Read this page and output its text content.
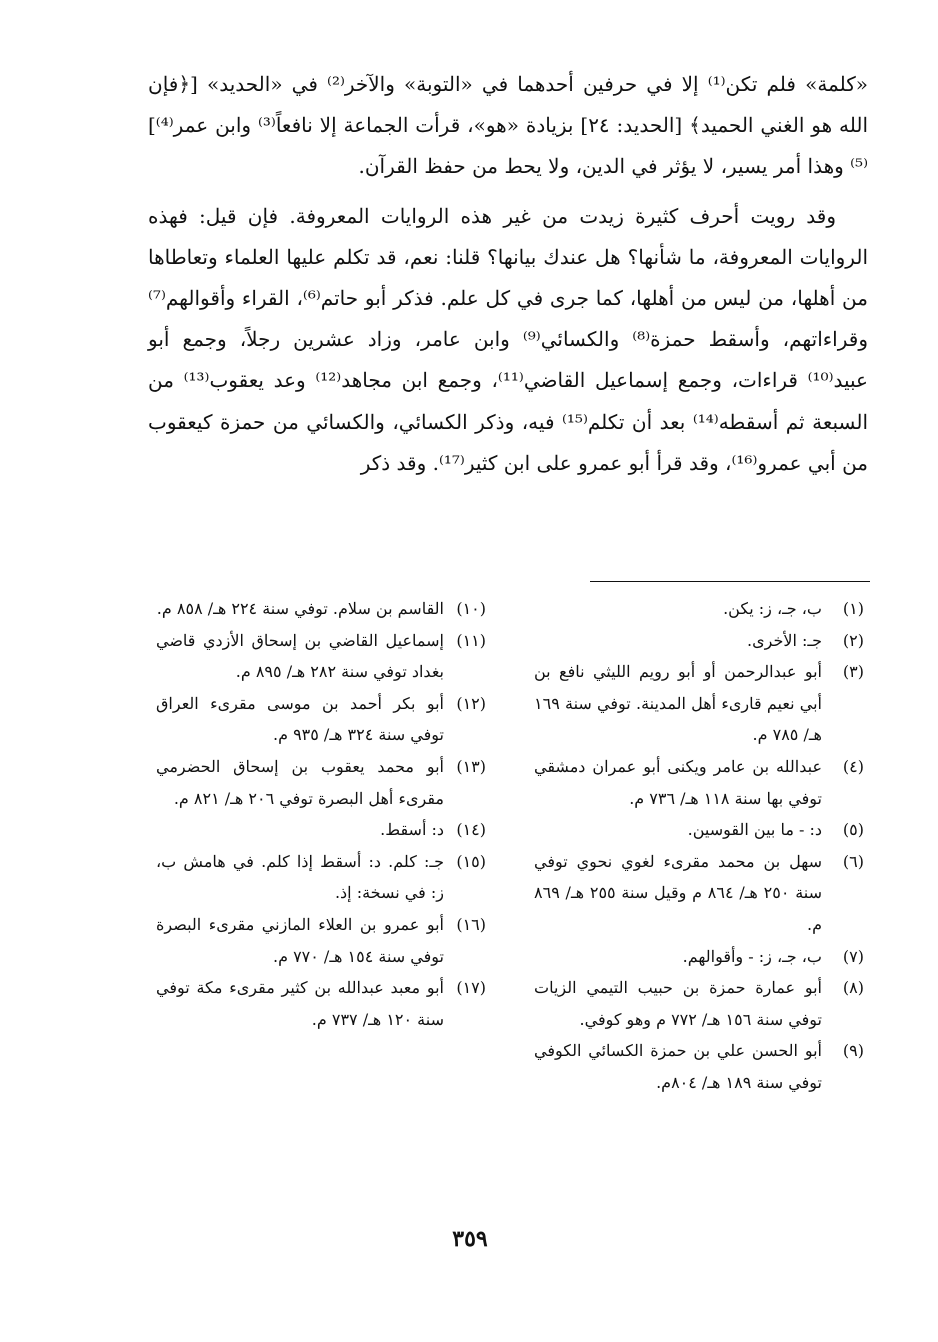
«كلمة» فلم تكن⁽¹⁾ إلا في حرفين أحدهما في «التوبة» والآخر⁽²⁾ في «الحديد» [﴿فإن الله هو الغني الحميد﴾ [الحديد: ٢٤] بزيادة «هو»، قرأت الجماعة إلا نافعاً⁽³⁾ وابن عمر⁽⁴⁾]⁽⁵⁾ وهذا أمر يسير، لا يؤثر في الدين، ولا يحط من حفظ القرآن.

وقد رويت أحرف كثيرة زيدت من غير هذه الروايات المعروفة. فإن قيل: فهذه الروايات المعروفة، ما شأنها؟ هل عندك بيانها؟ قلنا: نعم، قد تكلم عليها العلماء وتعاطاها من أهلها، من ليس من أهلها، كما جرى في كل علم. فذكر أبو حاتم⁽⁶⁾، القراء وأقوالهم⁽⁷⁾ وقراءاتهم، وأسقط حمزة⁽⁸⁾ والكسائي⁽⁹⁾ وابن عامر، وزاد عشرين رجلاً، وجمع أبو عبيد⁽¹⁰⁾ قراءات، وجمع إسماعيل القاضي⁽¹¹⁾، وجمع ابن مجاهد⁽¹²⁾ وعد يعقوب⁽¹³⁾ من السبعة ثم أسقطه⁽¹⁴⁾ بعد أن تكلم⁽¹⁵⁾ فيه، وذكر الكسائي، والكسائي من حمزة كيعقوب من أبي عمرو⁽¹⁶⁾، وقد قرأ أبو عمرو على ابن كثير⁽¹⁷⁾. وقد ذكر

(١)
ب، جـ، ز: يكن.
(٢)
جـ: الأخرى.
(٣)
أبو عبدالرحمن أو أبو رويم الليثي نافع بن أبي نعيم قارىء أهل المدينة. توفي سنة ١٦٩ هـ/ ٧٨٥ م.
(٤)
عبدالله بن عامر ويكنى أبو عمران دمشقي توفي بها سنة ١١٨ هـ/ ٧٣٦ م.
(٥)
د: - ما بين القوسين.
(٦)
سهل بن محمد مقرىء لغوي نحوي توفي سنة ٢٥٠ هـ/ ٨٦٤ م وقيل سنة ٢٥٥ هـ/ ٨٦٩ م.
(٧)
ب، جـ، ز: - وأقوالهم.
(٨)
أبو عمارة حمزة بن حبيب التيمي الزيات توفي سنة ١٥٦ هـ/ ٧٧٢ م وهو كوفي.
(٩)
أبو الحسن علي بن حمزة الكسائي الكوفي توفي سنة ١٨٩ هـ/ ٨٠٤م.
(١٠)
القاسم بن سلام. توفي سنة ٢٢٤ هـ/ ٨٥٨ م.
(١١)
إسماعيل القاضي بن إسحاق الأزدي قاضي بغداد توفي سنة ٢٨٢ هـ/ ٨٩٥ م.
(١٢)
أبو بكر أحمد بن موسى مقرىء العراق توفي سنة ٣٢٤ هـ/ ٩٣٥ م.
(١٣)
أبو محمد يعقوب بن إسحاق الحضرمي مقرىء أهل البصرة توفي ٢٠٦ هـ/ ٨٢١ م.
(١٤)
د: أسقط.
(١٥)
جـ: كلم. د: أسقط إذا كلم. في هامش ب، ز: في نسخة: إذ.
(١٦)
أبو عمرو بن العلاء المازني مقرىء البصرة توفي سنة ١٥٤ هـ/ ٧٧٠ م.
(١٧)
أبو معبد عبدالله بن كثير مقرىء مكة توفي سنة ١٢٠ هـ/ ٧٣٧ م.
٣٥٩
